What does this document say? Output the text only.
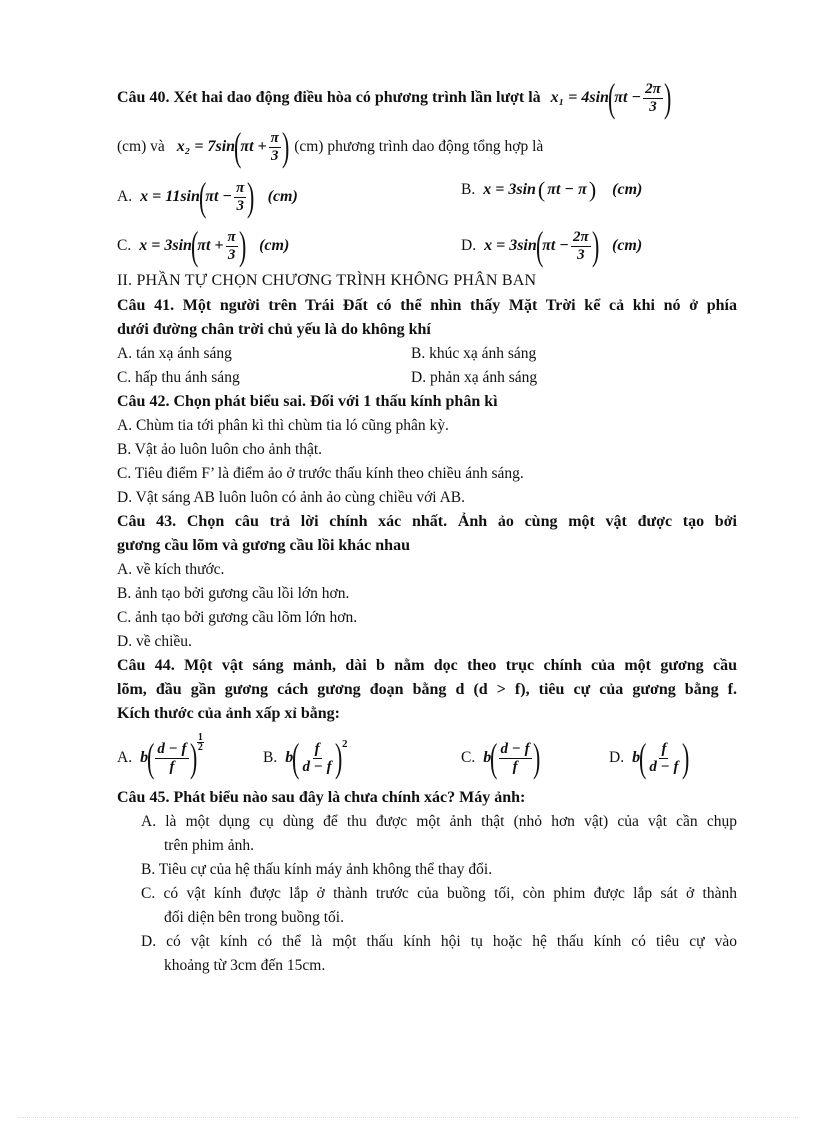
Câu 40. Xét hai dao động điều hòa có phương trình lần lượt là x₁ = 4sin
(
$\pi t - \frac{2\pi}{3}$ )
(cm) và x₂ = 7sin
(
$\pi t + \frac{\pi}{3}$ ) (cm) phương trình dao động tổng hợp là
A. x = 11sin
(
$\pi t - \frac{\pi}{3}$ ) (cm)	B. x = 3sin ( πt − π ) (cm)
C. x = 3sin
(
$\pi t + \frac{\pi}{3}$ ) (cm)	D. x = 3sin
(
$\pi t - \frac{2\pi}{3}$ ) (cm)
II. PHẦN TỰ CHỌN CHƯƠNG TRÌNH KHÔNG PHÂN BAN
Câu 41. Một người trên Trái Đất có thể nhìn thấy Mặt Trời kể cả khi nó ở phía
dưới đường chân trời chủ yếu là do không khí
A. tán xạ ánh sáng	B. khúc xạ ánh sáng
C. hấp thu ánh sáng	D. phản xạ ánh sáng
Câu 42. Chọn phát biểu sai. Đối với 1 thấu kính phân kì
A. Chùm tia tới phân kì thì chùm tia ló cũng phân kỳ.
B. Vật ảo luôn luôn cho ảnh thật.
C. Tiêu điểm F’ là điểm ảo ở trước thấu kính theo chiều ánh sáng.
D. Vật sáng AB luôn luôn có ảnh ảo cùng chiều với AB.
Câu 43. Chọn câu trả lời chính xác nhất. Ảnh ảo cùng một vật được tạo bởi
gương cầu lõm và gương cầu lồi khác nhau
A. về kích thước.
B. ảnh tạo bởi gương cầu lồi lớn hơn.
C. ảnh tạo bởi gương cầu lõm lớn hơn.
D. về chiều.
Câu 44. Một vật sáng mảnh, dài b nằm dọc theo trục chính của một gương cầu
lõm, đầu gần gương cách gương đoạn bằng d (d > f), tiêu cự của gương bằng f.
Kích thước của ảnh xấp xỉ bằng:
A. b
( $\frac{d - f}{f}$ ) $\frac{1}{2}$
B. b
( $\frac{f}{d - f}$ ) 2
C. b
( $\frac{d - f}{f}$ )	D. b
( $\frac{f}{d - f}$ )
Câu 45. Phát biểu nào sau đây là chưa chính xác? Máy ảnh:
A. là một dụng cụ dùng để thu được một ảnh thật (nhỏ hơn vật) của vật cần chụp
trên phim ảnh.
B. Tiêu cự của hệ thấu kính máy ảnh không thể thay đổi.
C. có vật kính được lắp ở thành trước của buồng tối, còn phim được lắp sát ở thành
đối diện bên trong buồng tối.
D. có vật kính có thể là một thấu kính hội tụ hoặc hệ thấu kính có tiêu cự vào
khoảng từ 3cm đến 15cm.
